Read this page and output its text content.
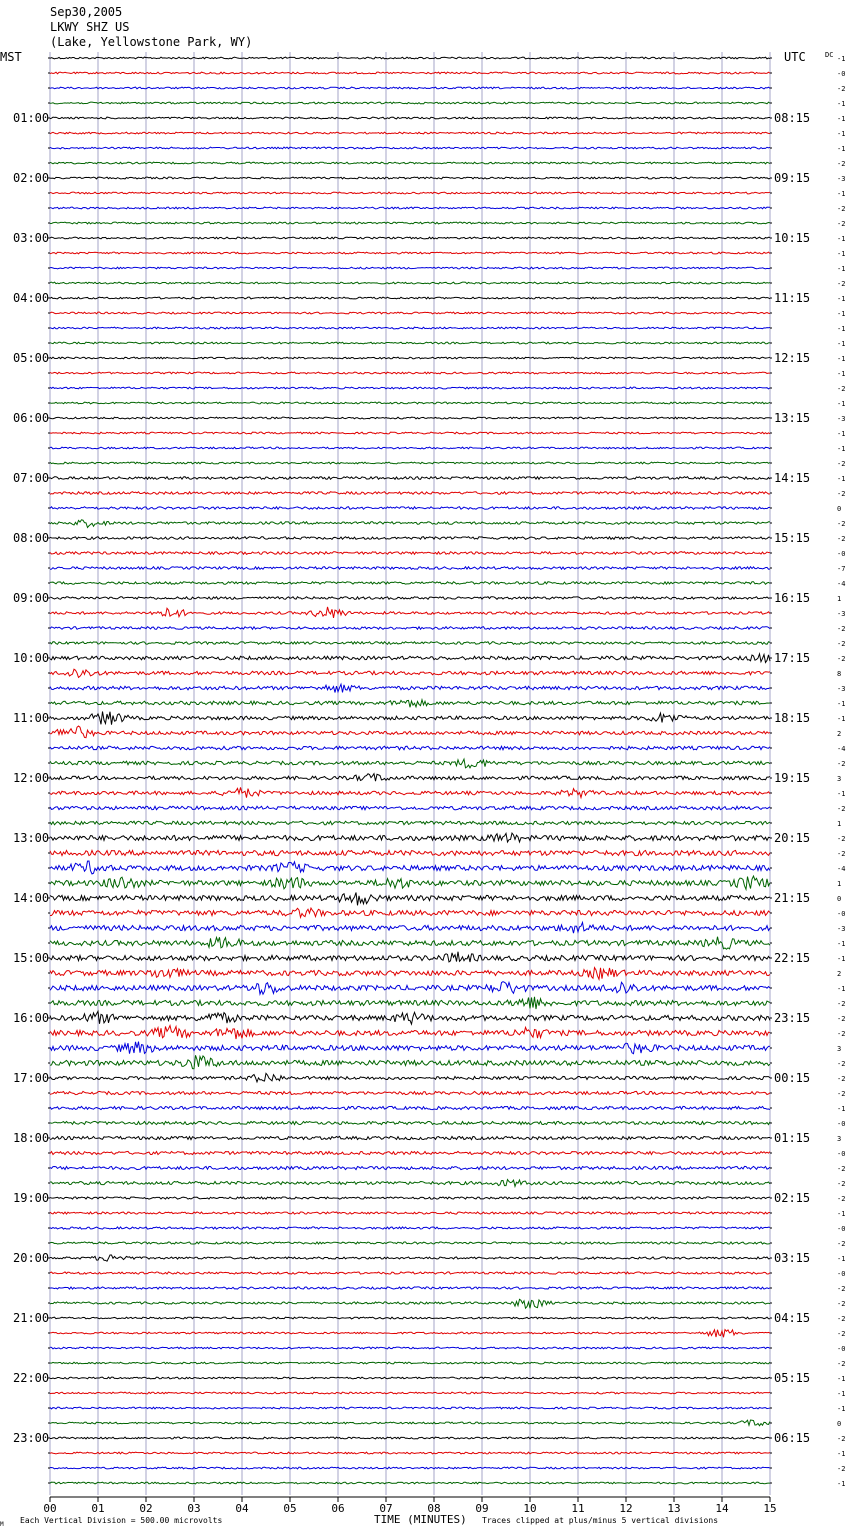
Sep30,2005
LKWY SHZ US
(Lake, Yellowstone Park, WY)
MST	UTC	DC -1
-0
-2
-1
-1
-1
-1
-2
-3
-1
-2
-2
-1
-1
-1
-2
-1
-1
-1
-1
-1
-1
-2
-1
-3
-1
-1
-2
-1
-2
0
-2
-2
-0
-7
-4
1
-3
-2
-2
-2
8
-3
-1
-1
2
-4
-2
3
-1
-2
1
-2
-2
-4
1
0
-0
-3
-1
-1
2
-1
-2
-2
-2
3
-2
-2
-2
-1
-0
3
-0
-2
-2
-2
-1
-0
-2
-1
-0
-2
-2
-2
-2
-0
-2
-1
-1
-1
0
-2
-1
-2
-1
01:00
02:00
03:00
04:00
05:00
06:00
07:00
08:00
09:00
10:00
11:00
12:00
13:00
14:00
15:00
16:00
17:00
18:00
19:00
20:00
21:00
22:00
23:00
08:15
09:15
10:15
11:15
12:15
13:15
14:15
15:15
16:15
17:15
18:15
19:15
20:15
21:15
22:15
23:15
00:15
01:15
02:15
03:15
04:15
05:15
06:15
00	01	02	03	04	05	06	07	08	09	10	11	12	13	14	15
M Each Vertical Division = 500.00 microvolts	TIME (MINUTES) Traces clipped at plus/minus 5 vertical divisions
